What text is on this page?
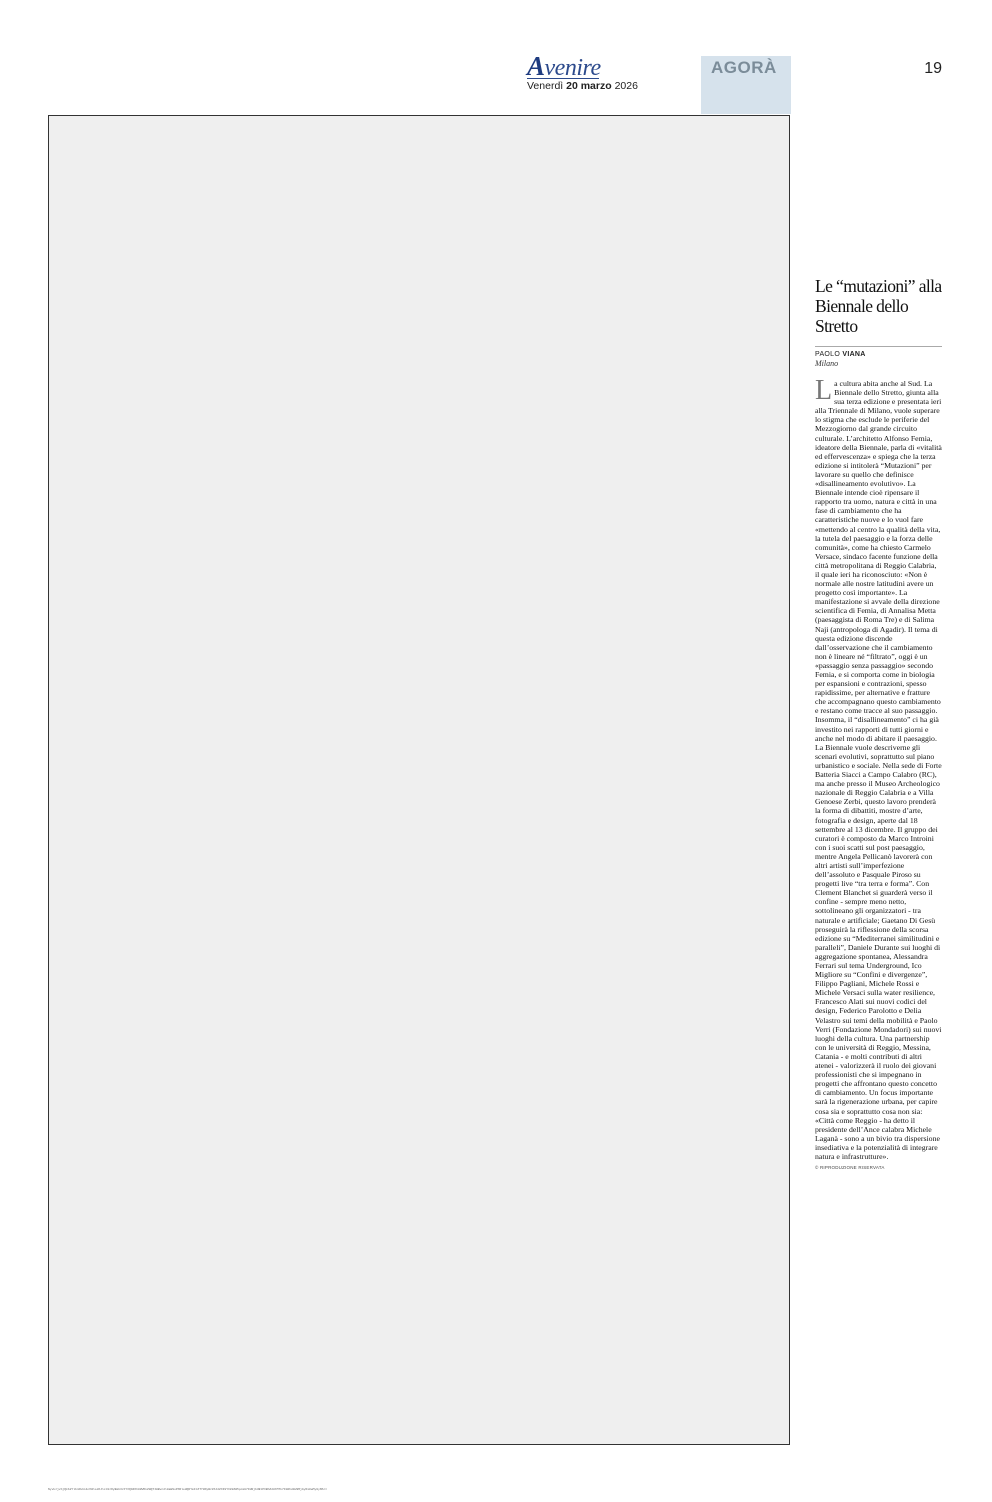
Avenire
Venerdì 20 marzo 2026
AGORÀ	19
Le “mutazioni” alla Biennale dello Stretto
PAOLO VIANA
Milano

La cultura abita anche al Sud. La Biennale dello Stretto, giunta alla sua terza edizione e presentata ieri alla Triennale di Milano, vuole superare lo stigma che esclude le periferie del Mezzogiorno dal grande circuito culturale. L’architetto Alfonso Femia, ideatore della Biennale, parla di «vitalità ed effervescenza» e spiega che la terza edizione si intitolerà “Mutazioni” per lavorare su quello che definisce «disallineamento evolutivo». La Biennale intende cioè ripensare il rapporto tra uomo, natura e città in una fase di cambiamento che ha caratteristiche nuove e lo vuol fare «mettendo al centro la qualità della vita, la tutela del paesaggio e la forza delle comunità», come ha chiesto Carmelo Versace, sindaco facente funzione della città metropolitana di Reggio Calabria, il quale ieri ha riconosciuto: «Non è normale alle nostre latitudini avere un progetto così importante». La manifestazione si avvale della direzione scientifica di Femia, di Annalisa Metta (paesaggista di Roma Tre) e di Salima Naji (antropologa di Agadir). Il tema di questa edizione discende dall’osservazione che il cambiamento non è lineare né “filtrato”, oggi è un «passaggio senza passaggio» secondo Femia, e si comporta come in biologia per espansioni e contrazioni, spesso rapidissime, per alternative e fratture che accompagnano questo cambiamento e restano come tracce al suo passaggio. Insomma, il “disallineamento” ci ha già investito nei rapporti di tutti giorni e anche nel modo di abitare il paesaggio. La Biennale vuole descriverne gli scenari evolutivi, soprattutto sul piano urbanistico e sociale. Nella sede di Forte Batteria Siacci a Campo Calabro (RC), ma anche presso il Museo Archeologico nazionale di Reggio Calabria e a Villa Genoese Zerbi, questo lavoro prenderà la forma di dibattiti, mostre d’arte, fotografia e design, aperte dal 18 settembre al 13 dicembre. Il gruppo dei curatori è composto da Marco Introini con i suoi scatti sul post paesaggio, mentre Angela Pellicanò lavorerà con altri artisti sull’imperfezione dell’assoluto e Pasquale Piroso su progetti live “tra terra e forma”. Con Clement Blanchet si guarderà verso il confine - sempre meno netto, sottolineano gli organizzatori - tra naturale e artificiale; Gaetano Di Gesù proseguirà la riflessione della scorsa edizione su “Mediterranei similitudini e paralleli”, Daniele Durante sui luoghi di aggregazione spontanea, Alessandra Ferrari sul tema Underground, Ico Migliore su “Confini e divergenze”, Filippo Pagliani, Michele Rossi e Michele Versaci sulla water resilience, Francesco Alati sui nuovi codici del design, Federico Parolotto e Delia Velastro sui temi della mobilità e Paolo Verri (Fondazione Mondadori) sui nuovi luoghi della cultura. Una partnership con le università di Reggio, Messina, Catania - e molti contributi di altri atenei - valorizzerà il ruolo dei giovani professionisti che si impegnano in progetti che affrontano questo concetto di cambiamento. Un focus importante sarà la rigenerazione urbana, per capire cosa sia e soprattutto cosa non sia: «Città come Reggio - ha detto il presidente dell’Ance calabra Michele Laganà - sono a un bivio tra dispersione insediativa e la potenzialità di integrare natura e infrastrutture».

© RIPRODUZIONE RISERVATA
NyvkzjvbjQkb2YlbnNvbi1mYWlsdXJlcz0zOyBmb3JtYXQ9ZXh0ZW5kZWQ7IHBvc2l0aW9uPXRleHQ6YmFzZTY0OyBzZXJ2ZXI9YXZ2ZW5pcmU7IHNjb3BlPXBhZ2UtMTk7IGRhdGU9MjAyNi0wMy0yMA==
